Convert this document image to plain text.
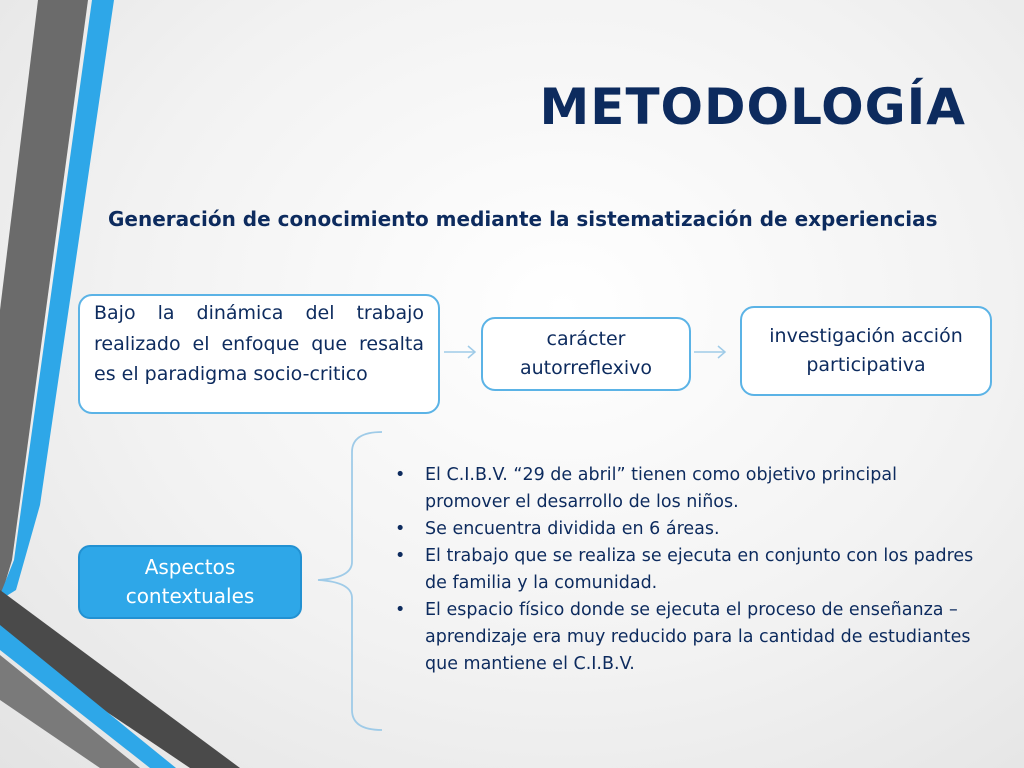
METODOLOGÍA
Generación de conocimiento mediante la sistematización de experiencias
Bajo la dinámica del trabajo realizado el enfoque que resalta es el paradigma socio-critico
carácter autorreflexivo
investigación acción participativa
Aspectos contextuales
•	El C.I.B.V. “29 de abril” tienen como objetivo principal promover el desarrollo de los niños.
•	Se encuentra dividida en 6 áreas.
•	El trabajo que se realiza se ejecuta en conjunto con los padres de familia y la comunidad.
•	El espacio físico donde se ejecuta el proceso de enseñanza – aprendizaje era muy reducido para la cantidad de estudiantes que mantiene el C.I.B.V.
